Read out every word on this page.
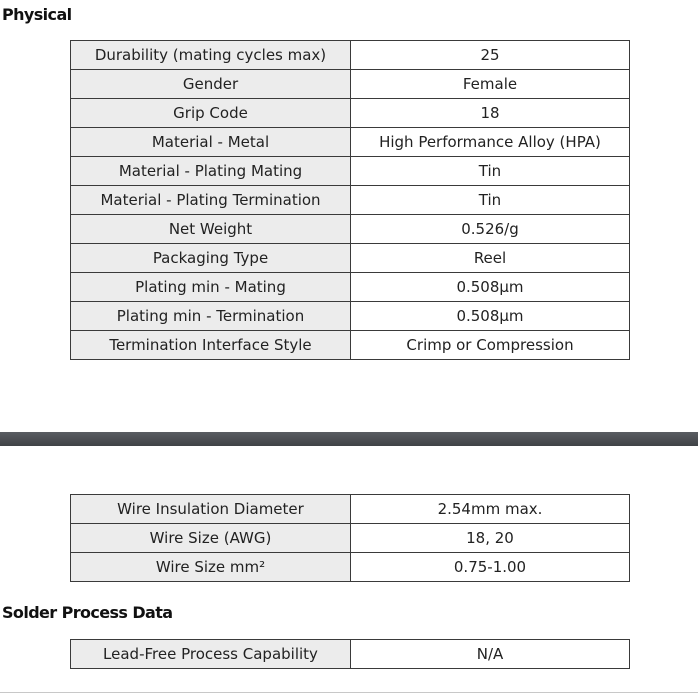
Physical
Durability (mating cycles max)	25
Gender	Female
Grip Code	18
Material - Metal	High Performance Alloy (HPA)
Material - Plating Mating	Tin
Material - Plating Termination	Tin
Net Weight	0.526/g
Packaging Type	Reel
Plating min - Mating	0.508µm
Plating min - Termination	0.508µm
Termination Interface Style	Crimp or Compression
Wire Insulation Diameter	2.54mm max.
Wire Size (AWG)	18, 20
Wire Size mm²	0.75-1.00
Solder Process Data
Lead-Free Process Capability	N/A
